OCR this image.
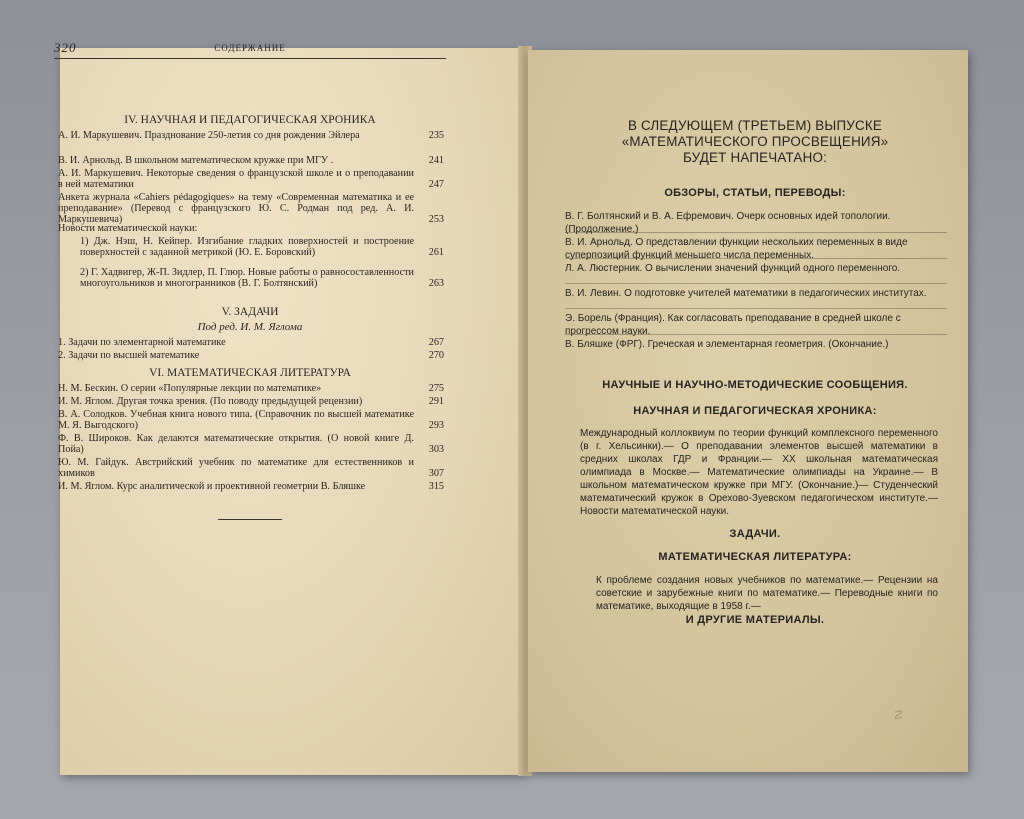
320	СОДЕРЖАНИЕ
IV. НАУЧНАЯ И ПЕДАГОГИЧЕСКАЯ ХРОНИКА
А. И. Маркушевич. Празднование 250-летия со дня рождения Эйлера	235
В. И. Арнольд. В школьном математическом кружке при МГУ .	241
А. И. Маркушевич. Некоторые сведения о французской школе и о преподавании в ней математики	247
Анкета журнала «Cahiers pédagogiques» на тему «Современная математика и ее преподавание» (Перевод с французского Ю. С. Родман под ред. А. И. Маркушевича)	253
Новости математической науки:
1) Дж. Нэш, Н. Кейпер. Изгибание гладких поверхностей и построение поверхностей с заданной метрикой (Ю. Е. Боровский)	261
2) Г. Хадвигер, Ж-П. Зидлер, П. Глюр. Новые работы о равносоставленности многоугольников и многогранников (В. Г. Болтянский)	263
V. ЗАДАЧИ
Под ред. И. М. Яглома
1. Задачи по элементарной математике	267
2. Задачи по высшей математике	270
VI. МАТЕМАТИЧЕСКАЯ ЛИТЕРАТУРА
Н. М. Бескин. О серии «Популярные лекции по математике»	275
И. М. Яглом. Другая точка зрения. (По поводу предыдущей рецензии)	291
В. А. Солодков. Учебная книга нового типа. (Справочник по высшей математике М. Я. Выгодского)	293
Ф. В. Широков. Как делаются математические открытия. (О новой книге Д. Пойа)	303
Ю. М. Гайдук. Австрийский учебник по математике для естественников и химиков	307
И. М. Яглом. Курс аналитической и проективной геометрии В. Бляшке	315
В СЛЕДУЮЩЕМ (ТРЕТЬЕМ) ВЫПУСКЕ
«МАТЕМАТИЧЕСКОГО ПРОСВЕЩЕНИЯ»
БУДЕТ НАПЕЧАТАНО:
ОБЗОРЫ, СТАТЬИ, ПЕРЕВОДЫ:
В. Г. Болтянский и В. А. Ефремович. Очерк основных идей топологии. (Продолжение.)
В. И. Арнольд. О представлении функции нескольких переменных в виде суперпозиций функций меньшего числа переменных.
Л. А. Люстерник. О вычислении значений функций одного переменного.
В. И. Левин. О подготовке учителей математики в педагогических институтах.
Э. Борель (Франция). Как согласовать преподавание в средней школе с прогрессом науки.
В. Бляшке (ФРГ). Греческая и элементарная геометрия. (Окончание.)
НАУЧНЫЕ И НАУЧНО-МЕТОДИЧЕСКИЕ СООБЩЕНИЯ.
НАУЧНАЯ И ПЕДАГОГИЧЕСКАЯ ХРОНИКА:
Международный коллоквиум по теории функций комплексного переменного (в г. Хельсинки).— О преподавании элементов высшей математики в средних школах ГДР и Франции.— XX школьная математическая олимпиада в Москве.— Математические олимпиады на Украине.— В школьном математическом кружке при МГУ. (Окончание.)— Студенческий математический кружок в Орехово-Зуевском педагогическом институте.— Новости математической науки.
ЗАДАЧИ.
МАТЕМАТИЧЕСКАЯ ЛИТЕРАТУРА:
К проблеме создания новых учебников по математике.— Рецензии на советские и зарубежные книги по математике.— Переводные книги по математике, выходящие в 1958 г.—
И ДРУГИЕ МАТЕРИАЛЫ.
☡
